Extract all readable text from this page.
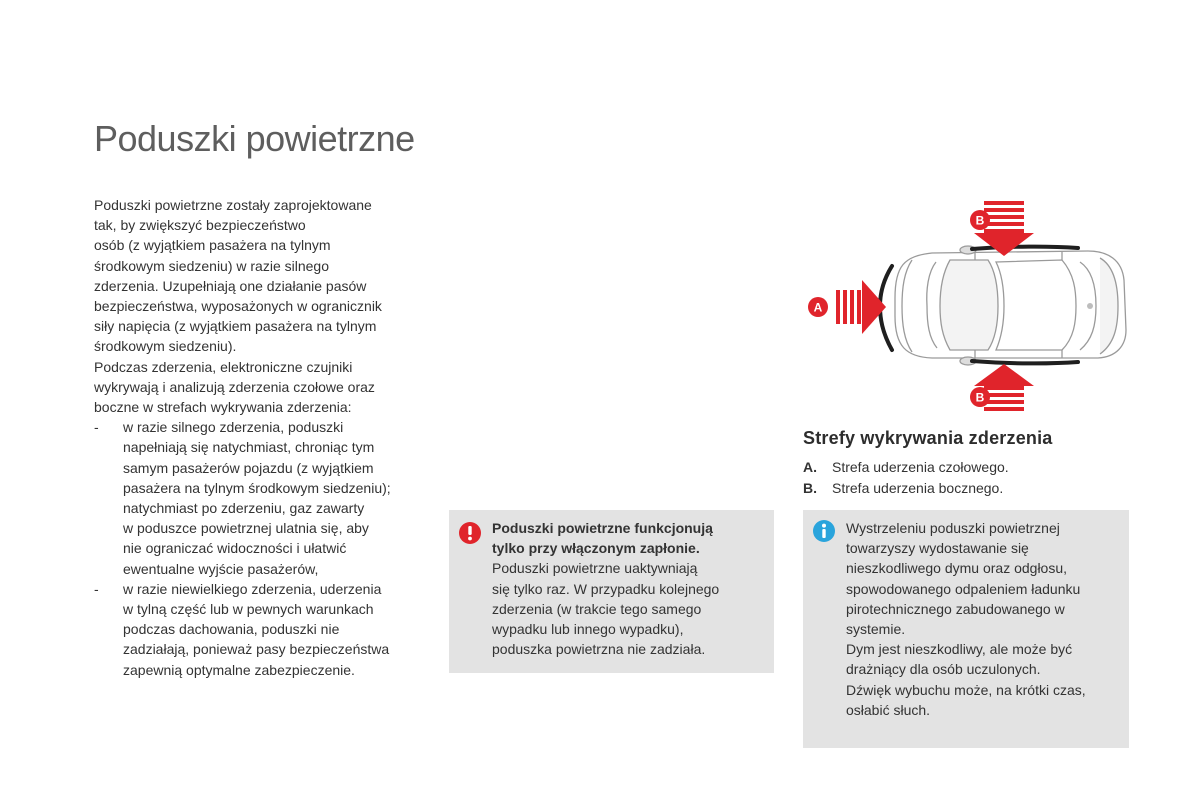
Poduszki powietrzne

Poduszki powietrzne zostały zaprojektowane
tak, by zwiększyć bezpieczeństwo
osób (z wyjątkiem pasażera na tylnym
środkowym siedzeniu) w razie silnego
zderzenia. Uzupełniają one działanie pasów
bezpieczeństwa, wyposażonych w ogranicznik
siły napięcia (z wyjątkiem pasażera na tylnym
środkowym siedzeniu).

Podczas zderzenia, elektroniczne czujniki
wykrywają i analizują zderzenia czołowe oraz
boczne w strefach wykrywania zderzenia:

- w razie silnego zderzenia, poduszki
napełniają się natychmiast, chroniąc tym
samym pasażerów pojazdu (z wyjątkiem
pasażera na tylnym środkowym siedzeniu);
natychmiast po zderzeniu, gaz zawarty
w poduszce powietrznej ulatnia się, aby
nie ograniczać widoczności i ułatwić
ewentualne wyjście pasażerów,
- w razie niewielkiego zderzenia, uderzenia
w tylną część lub w pewnych warunkach
podczas dachowania, poduszki nie
zadziałają, ponieważ pasy bezpieczeństwa
zapewnią optymalne zabezpieczenie.

Poduszki powietrzne funkcjonują
tylko przy włączonym zapłonie.

Poduszki powietrzne uaktywniają
się tylko raz. W przypadku kolejnego
zderzenia (w trakcie tego samego
wypadku lub innego wypadku),
poduszka powietrzna nie zadziała.

A
B
B
Strefy wykrywania zderzenia
A.	Strefa uderzenia czołowego.
B.	Strefa uderzenia bocznego.

Wystrzeleniu poduszki powietrznej
towarzyszy wydostawanie się
nieszkodliwego dymu oraz odgłosu,
spowodowanego odpaleniem ładunku
pirotechnicznego zabudowanego w
systemie.

Dym jest nieszkodliwy, ale może być
drażniący dla osób uczulonych.

Dźwięk wybuchu może, na krótki czas,
osłabić słuch.
